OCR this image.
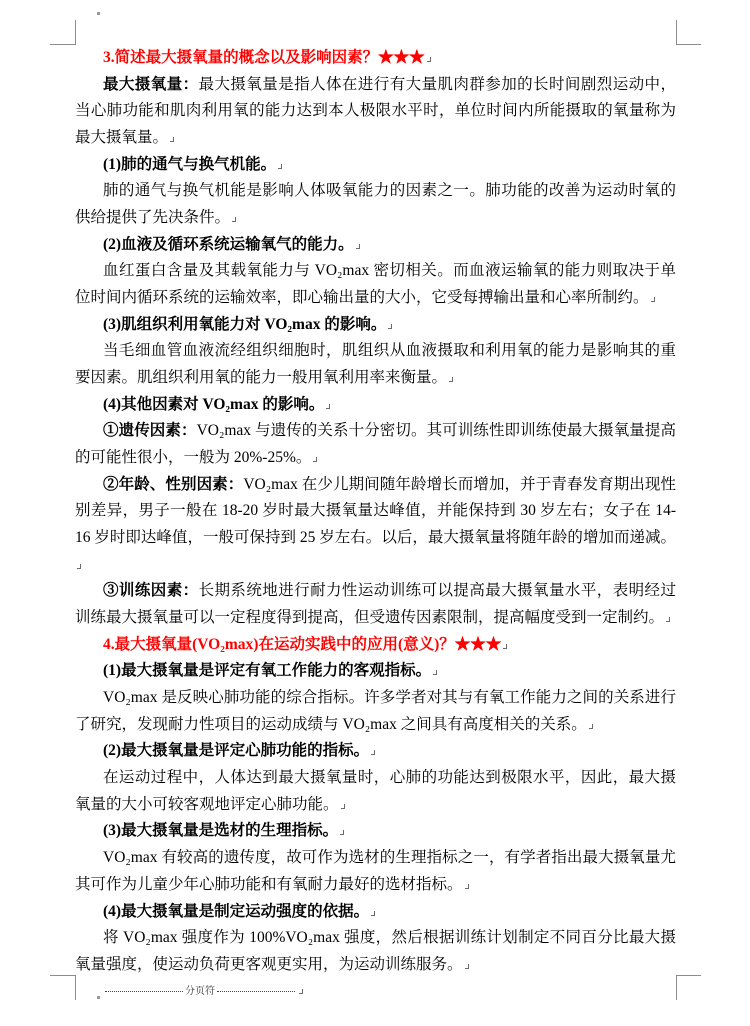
3.简述最大摄氧量的概念以及影响因素？★★★

最大摄氧量：最大摄氧量是指人体在进行有大量肌肉群参加的长时间剧烈运动中，当心肺功能和肌肉利用氧的能力达到本人极限水平时，单位时间内所能摄取的氧量称为最大摄氧量。

(1)肺的通气与换气机能。

肺的通气与换气机能是影响人体吸氧能力的因素之一。肺功能的改善为运动时氧的供给提供了先决条件。

(2)血液及循环系统运输氧气的能力。

血红蛋白含量及其载氧能力与 VO₂max 密切相关。而血液运输氧的能力则取决于单位时间内循环系统的运输效率，即心输出量的大小，它受每搏输出量和心率所制约。

(3)肌组织利用氧能力对 VO₂max 的影响。

当毛细血管血液流经组织细胞时，肌组织从血液摄取和利用氧的能力是影响其的重要因素。肌组织利用氧的能力一般用氧利用率来衡量。

(4)其他因素对 VO₂max 的影响。

①遗传因素：VO₂max 与遗传的关系十分密切。其可训练性即训练使最大摄氧量提高的可能性很小，一般为 20%-25%。

②年龄、性别因素：VO₂max 在少儿期间随年龄增长而增加，并于青春发育期出现性别差异，男子一般在 18-20 岁时最大摄氧量达峰值，并能保持到 30 岁左右；女子在 14-16 岁时即达峰值，一般可保持到 25 岁左右。以后，最大摄氧量将随年龄的增加而递减。

③训练因素：长期系统地进行耐力性运动训练可以提高最大摄氧量水平，表明经过训练最大摄氧量可以一定程度得到提高，但受遗传因素限制，提高幅度受到一定制约。

4.最大摄氧量(VO₂max)在运动实践中的应用(意义)？★★★

(1)最大摄氧量是评定有氧工作能力的客观指标。

VO₂max 是反映心肺功能的综合指标。许多学者对其与有氧工作能力之间的关系进行了研究，发现耐力性项目的运动成绩与 VO₂max 之间具有高度相关的关系。

(2)最大摄氧量是评定心肺功能的指标。

在运动过程中，人体达到最大摄氧量时，心肺的功能达到极限水平，因此，最大摄氧量的大小可较客观地评定心肺功能。

(3)最大摄氧量是选材的生理指标。

VO₂max 有较高的遗传度，故可作为选材的生理指标之一，有学者指出最大摄氧量尤其可作为儿童少年心肺功能和有氧耐力最好的选材指标。

(4)最大摄氧量是制定运动强度的依据。

将 VO₂max 强度作为 100%VO₂max 强度，然后根据训练计划制定不同百分比最大摄氧量强度，使运动负荷更客观更实用，为运动训练服务。

分页符
